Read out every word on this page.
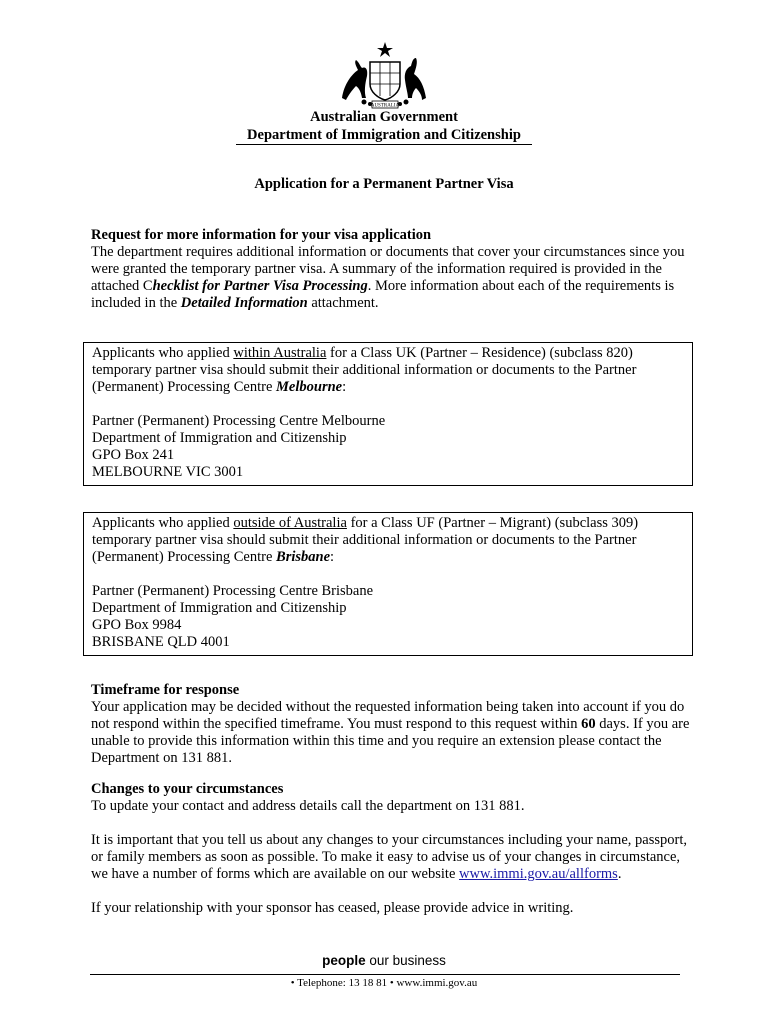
AUSTRALIA
Australian Government
Department of Immigration and Citizenship
Application for a Permanent Partner Visa

Request for more information for your visa application

The department requires additional information or documents that cover your circumstances since you were granted the temporary partner visa. A summary of the information required is provided in the attached Checklist for Partner Visa Processing. More information about each of the requirements is included in the Detailed Information attachment.

Applicants who applied within Australia for a Class UK (Partner – Residence) (subclass 820) temporary partner visa should submit their additional information or documents to the Partner (Permanent) Processing Centre Melbourne:

Partner (Permanent) Processing Centre Melbourne

Department of Immigration and Citizenship

GPO Box 241

MELBOURNE VIC 3001

Applicants who applied outside of Australia for a Class UF (Partner – Migrant) (subclass 309) temporary partner visa should submit their additional information or documents to the Partner (Permanent) Processing Centre Brisbane:

Partner (Permanent) Processing Centre Brisbane

Department of Immigration and Citizenship

GPO Box 9984

BRISBANE QLD 4001

Timeframe for response

Your application may be decided without the requested information being taken into account if you do not respond within the specified timeframe. You must respond to this request within 60 days. If you are unable to provide this information within this time and you require an extension please contact the Department on 131 881.

Changes to your circumstances

To update your contact and address details call the department on 131 881.

It is important that you tell us about any changes to your circumstances including your name, passport, or family members as soon as possible. To make it easy to advise us of your changes in circumstance, we have a number of forms which are available on our website www.immi.gov.au/allforms.

If your relationship with your sponsor has ceased, please provide advice in writing.

people our business
• Telephone: 13 18 81 • www.immi.gov.au
